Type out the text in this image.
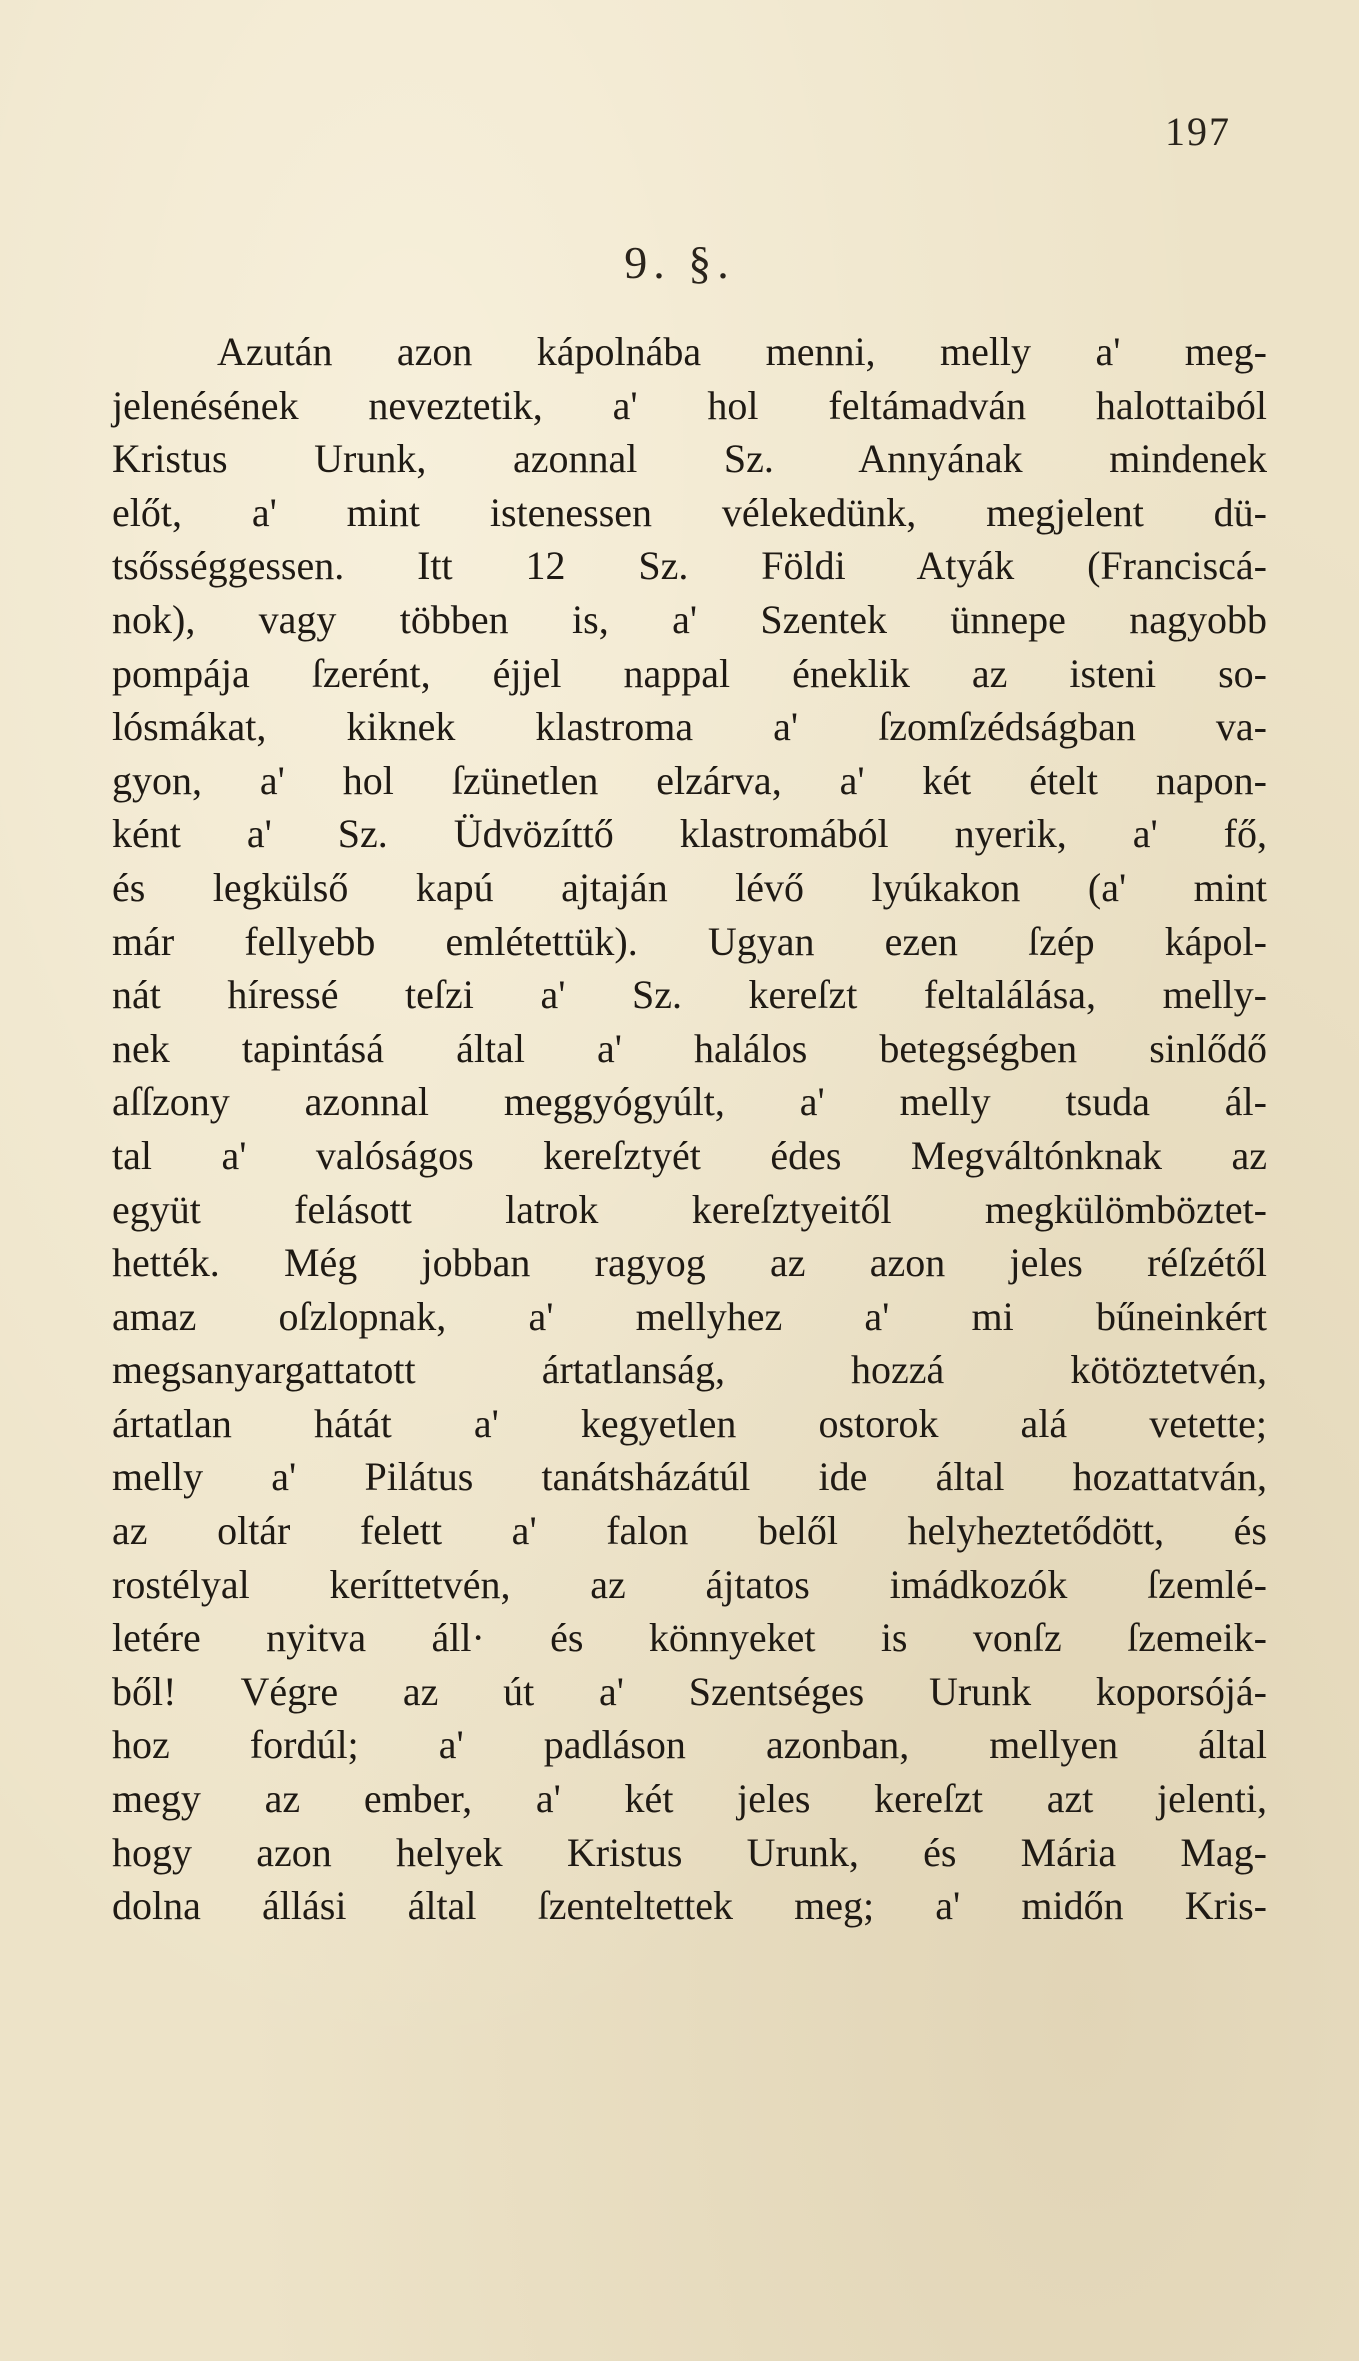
197
9. §.
Azután azon kápolnába menni, melly a' meg-
jelenésének neveztetik, a' hol feltámadván halottaiból
Kristus Urunk, azonnal Sz. Annyának mindenek
előt, a' mint istenessen vélekedünk, megjelent dü-
tsősséggessen. Itt 12 Sz. Földi Atyák (Franciscá-
nok), vagy többen is, a' Szentek ünnepe nagyobb
pompája ſzerént, éjjel nappal éneklik az isteni so-
lósmákat, kiknek klastroma a' ſzomſzédságban va-
gyon, a' hol ſzünetlen elzárva, a' két ételt napon-
ként a' Sz. Üdvözíttő klastromából nyerik, a' fő,
és legkülső kapú ajtaján lévő lyúkakon (a' mint
már fellyebb emlétettük). Ugyan ezen ſzép kápol-
nát híressé teſzi a' Sz. kereſzt feltalálása, melly-
nek tapintásá által a' halálos betegségben sinlődő
aſſzony azonnal meggyógyúlt, a' melly tsuda ál-
tal a' valóságos kereſztyét édes Megváltónknak az
együt felásott latrok kereſztyeitől megkülömböztet-
hették. Még jobban ragyog az azon jeles réſzétől
amaz oſzlopnak, a' mellyhez a' mi bűneinkért
megsanyargattatott ártatlanság, hozzá kötöztetvén,
ártatlan hátát a' kegyetlen ostorok alá vetette;
melly a' Pilátus tanátsházátúl ide által hozattatván,
az oltár felett a' falon belől helyheztetődött, és
rostélyal keríttetvén, az ájtatos imádkozók ſzemlé-
letére nyitva áll· és könnyeket is vonſz ſzemeik-
ből! Végre az út a' Szentséges Urunk koporsójá-
hoz fordúl; a' padláson azonban, mellyen által
megy az ember, a' két jeles kereſzt azt jelenti,
hogy azon helyek Kristus Urunk, és Mária Mag-
dolna állási által ſzenteltettek meg; a' midőn Kris-
